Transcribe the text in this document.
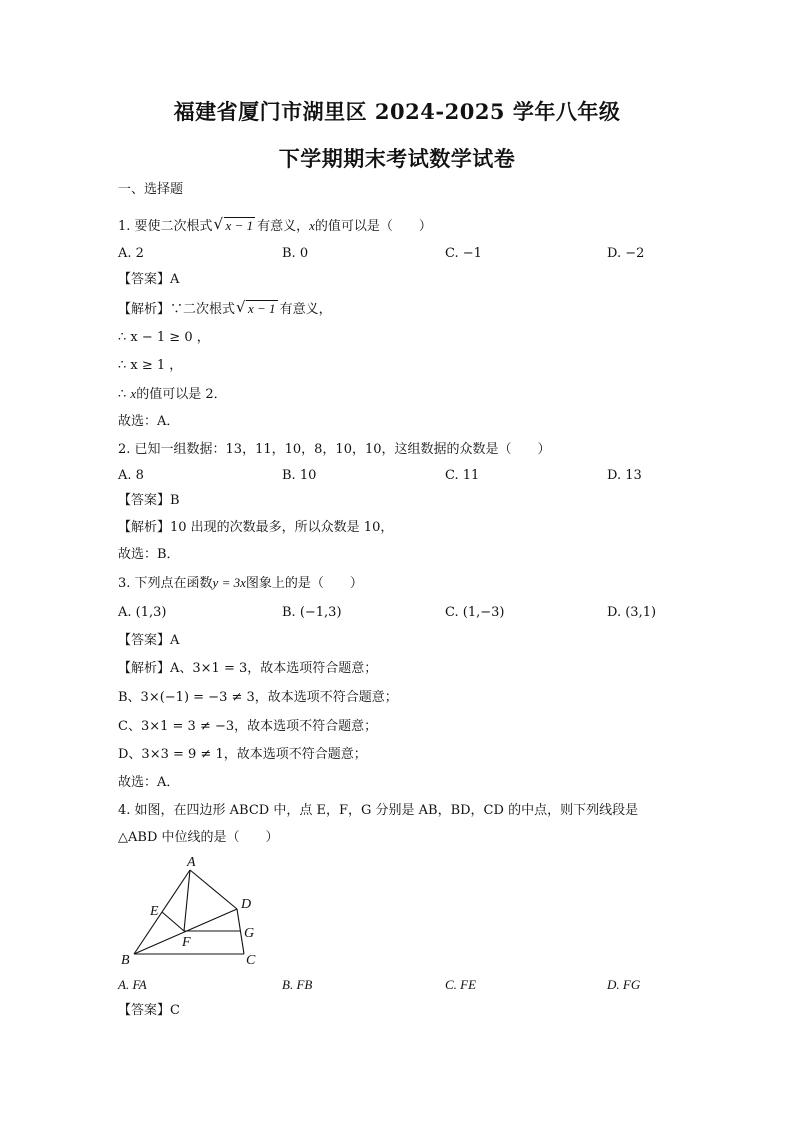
福建省厦门市湖里区 2024-2025 学年八年级
下学期期末考试数学试卷
一、选择题
1. 要使二次根式 √ x − 1 有意义，x的值可以是（　　）
A. 2	B. 0	C. −1	D. −2
【答案】A
【解析】∵二次根式 √ x − 1 有意义，
∴ x − 1 ≥ 0 ，
∴ x ≥ 1 ，
∴ x的值可以是 2．
故选：A．
2. 已知一组数据：13，11，10，8，10，10，这组数据的众数是（　　）
A. 8	B. 10	C. 11	D. 13
【答案】B
【解析】10 出现的次数最多，所以众数是 10，
故选：B．
3. 下列点在函数y = 3x图象上的是（　　）
A. (1,3)	B. (−1,3)	C. (1,−3)	D. (3,1)
【答案】A
【解析】A、3×1 = 3，故本选项符合题意；
B、3×(−1) = −3 ≠ 3，故本选项不符合题意；
C、3×1 = 3 ≠ −3，故本选项不符合题意；
D、3×3 = 9 ≠ 1，故本选项不符合题意；
故选：A．
4. 如图，在四边形 ABCD 中，点 E，F，G 分别是 AB，BD，CD 的中点，则下列线段是
△ABD 中位线的是（　　）
A
B	C
D
E
F
G
A. FA	B. FB	C. FE	D. FG
【答案】C
